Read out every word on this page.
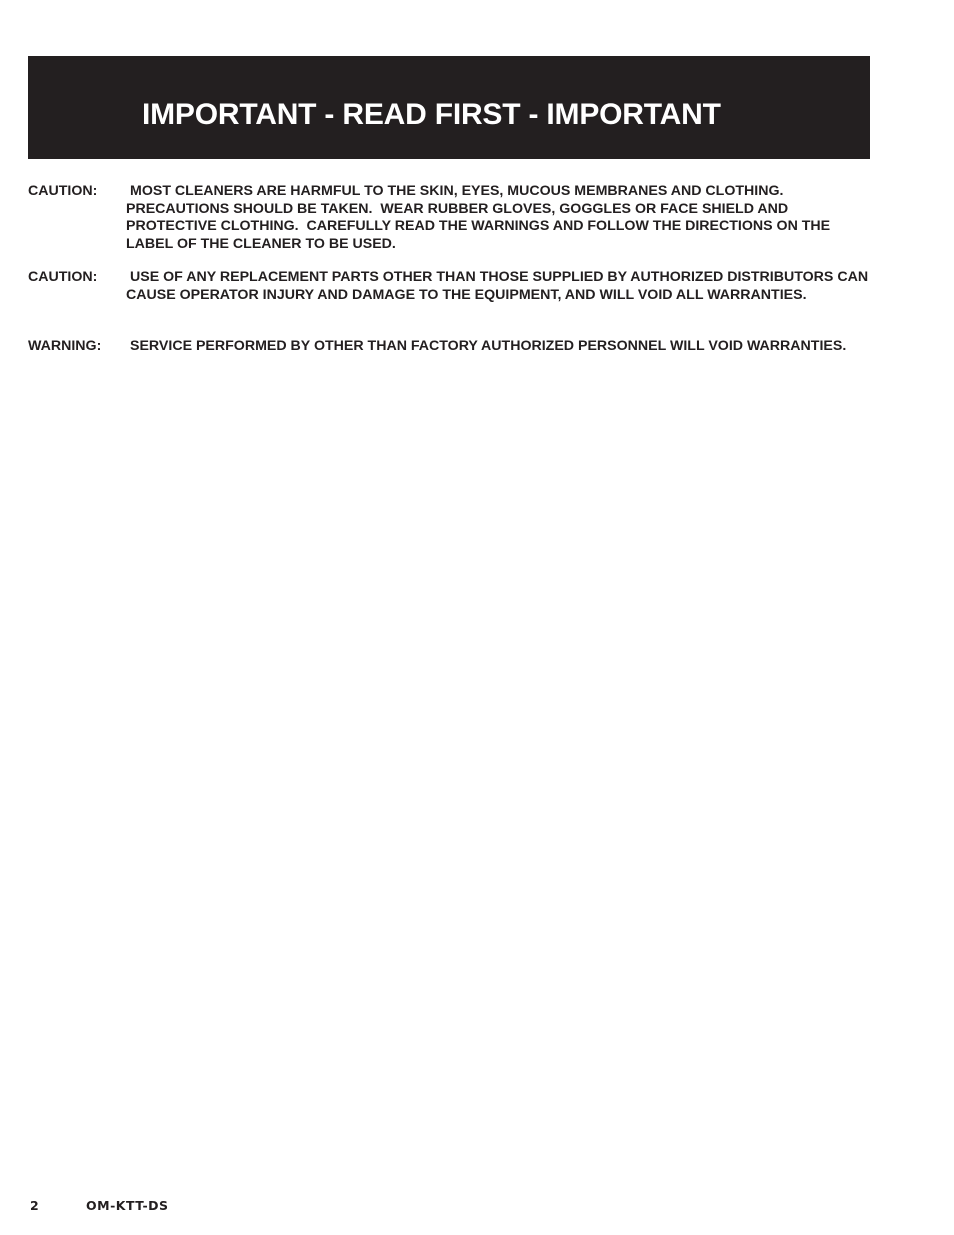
IMPORTANT - READ FIRST - IMPORTANT
CAUTION: MOST CLEANERS ARE HARMFUL TO THE SKIN, EYES, MUCOUS MEMBRANES AND CLOTHING. PRECAUTIONS SHOULD BE TAKEN.  WEAR RUBBER GLOVES, GOGGLES OR FACE SHIELD AND PROTECTIVE CLOTHING.  CAREFULLY READ THE WARNINGS AND FOLLOW THE DIRECTIONS ON THE LABEL OF THE CLEANER TO BE USED.
CAUTION: USE OF ANY REPLACEMENT PARTS OTHER THAN THOSE SUPPLIED BY AUTHORIZED DISTRIBUTORS CAN CAUSE OPERATOR INJURY AND DAMAGE TO THE EQUIPMENT, AND WILL VOID ALL WARRANTIES.
WARNING: SERVICE PERFORMED BY OTHER THAN FACTORY AUTHORIZED PERSONNEL WILL VOID WARRANTIES.
2	OM-KTT-DS
